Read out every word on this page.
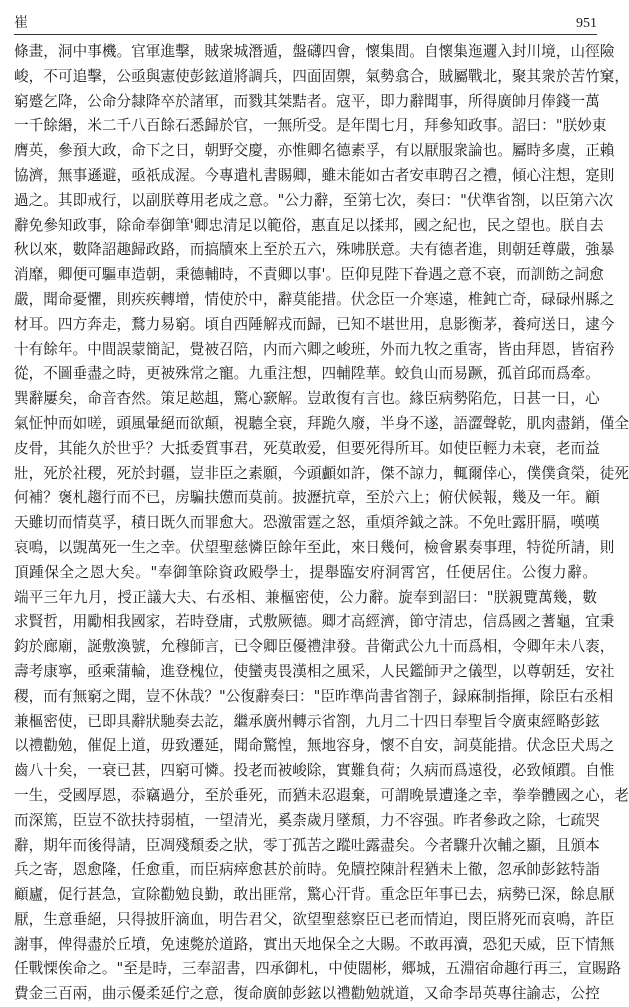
崔	951
條畫，洞中事機。官軍進擊，賊衆城潛遁，盤礴四會，懷集間。自懷集迤邐入封川境，山徑險
峻，不可追擊，公亟與憲使彭鉉道將調兵，四面固禦，氣勢翕合，賊屬戰北，聚其衆於苦竹窠，
窮蹙乞降，公命分隸降卒於諸軍，而戮其桀黠者。寇平，即力辭聞事，所得廣帥月俸錢一萬
一千餘緡，米二千八百餘石悉歸於官，一無所受。是年閏七月，拜參知政事。詔曰："朕妙東
膺英，參預大政，命下之日，朝野交慶，亦惟卿名德素孚，有以厭服衆論也。屬時多虞，正賴
協濟，無事遜避，亟祇成渥。今專遣札書賜卿，雖未能如古者安車聘召之禮，傾心注想，寔則
過之。其即戒行，以副朕尊用老成之意。"公力辭，至第七次，奏曰："伏準省劄，以臣第六次
辭免參知政事，除命奉御筆'卿忠清足以範俗，惠直足以揉邦，國之紀也，民之望也。朕自去
秋以來，數降詔趣歸政路，而搞牘來上至於五六，殊咈朕意。夫有德者進，則朝廷尊嚴，強暴
消靡，卿便可驅車造朝，秉德輔時，不責卿以事'。臣仰見陛下眷遇之意不衰，而訓飭之詞愈
嚴，聞命憂懼，則疾疾轉增，情使於中，辭莫能措。伏念臣一介寒遠，椎鈍亡奇，碌碌州縣之
材耳。四方奔走，鶩力易窮。頃自西陲解戎而歸，已知不堪世用，息影衡茅，養疴送日，逮今
十有餘年。中間誤蒙簡記，覺被召陪，内而六卿之峻班，外而九牧之重寄，皆由拜恩，皆宿矜
從，不圖垂盡之時，更被殊常之寵。九重注想，四輔陞華。蛟負山而易蹶，孤首邱而爲牽。
巽辭屢矣，命音杳然。策足趑趄，驚心窾解。豈敢復有言也。緣臣病勢陷危，日甚一日，心
氣怔忡而如嗟，頭風暈絕而欲顛，視聽全衰，拜跪久廢，半身不遂，語澀聲乾，肌肉盡銷，僅全
皮骨，其能久於世乎？大抵委質事君，死莫敢爱，但要死得所耳。如使臣輕力未衰，老而益
壯，死於社稷，死於封疆，豈非臣之素願，今頭顱如許，傑不諒力，輒爾倖心，僕僕貪榮，徒死
何補？褒札趨行而不已，房騙扶憊而莫前。披瀝抗章，至於六上；俯伏候報，幾及一年。顧
天雖切而情莫孚，積日既久而罪愈大。恐激雷霆之怒，重煩斧鉞之誅。不免吐露肝膈，嘆嘆
哀鳴，以覬萬死一生之幸。伏望聖慈憐臣餘年至此，來日幾何，檢會累奏事理，特從所請，則
頂踵保全之恩大矣。"奉御筆除資政殿學士，提舉臨安府洞霄宮，任便居住。公復力辭。
端平三年九月，授正議大夫、右丞相、兼樞密使，公力辭。旋奉到詔曰："朕親覽萬幾，數
求賢哲，用勵相我國家，若時登庸，式敷厥德。卿才高經濟，節守清忠，信爲國之蓍龜，宜秉
鈞於廊廟，誕敷渙號，允穆師言，已令卿臣優禮津發。昔衛武公九十而爲相，令卿年未八袠，
壽考康寧，亟乘蒲輪，進登槐位，使蠻夷畏漢相之風采，人民鑑師尹之儀型，以尊朝廷，安社
稷，而有無窮之聞，豈不休哉？"公復辭奏曰："臣昨準尚書省劄子，録麻制指揮，除臣右丞相
兼樞密使，已即具辭狀馳奏去訖，繼承廣州轉示省劄，九月二十四日奉聖旨令廣東經略彭鉉
以禮勸勉，催促上道，毋致遷延，聞命驚惶，無地容身，懷不自安，詞莫能措。伏念臣犬馬之
齒八十矣，一衰已甚，四窮可憐。投老而被峻除，實難負荷；久病而爲遠役，必致傾躓。自惟
一生，受國厚恩，忝竊過分，至於垂死，而猶未忍遐棄，可謂晚景遭逢之幸，拳拳體國之心，老
而深篤，臣豈不欲扶持弱植，一望清光，奚柰歲月墜頹，力不容强。昨者參政之除，七疏哭
辭，期年而後得請，臣凋殘頹委之狀，零丁孤苦之蹤吐露盡矣。今者驟升次輔之顯，且頒本
兵之寄，恩愈隆，任愈重，而臣病瘁愈甚於前時。免牘控陳計程猶未上徹，忽承帥彭鉉特詣
顧廬，促行甚急，宣除勸勉良勤，敢出匪常，驚心汗背。重念臣年事已去，病勢已深，餘息厭
厭，生意垂絕，只得披肝滴血，明告君父，欲望聖慈察臣已老而情迫，閔臣將死而哀鳴，許臣
謝事，俾得盡於丘墳，免速斃於道路，實出天地保全之大賜。不敢再瀆，恐犯天威，臣下情無
任戰慄俟命之。"至是時，三奉詔書，四承御札，中使闊彬，郷城，五淵宿命趣行再三，宣賜路
費金三百兩，曲示優柔延佇之意，復命廣帥彭鉉以禮勸勉就道，又命李昂英專往諭志，公控
